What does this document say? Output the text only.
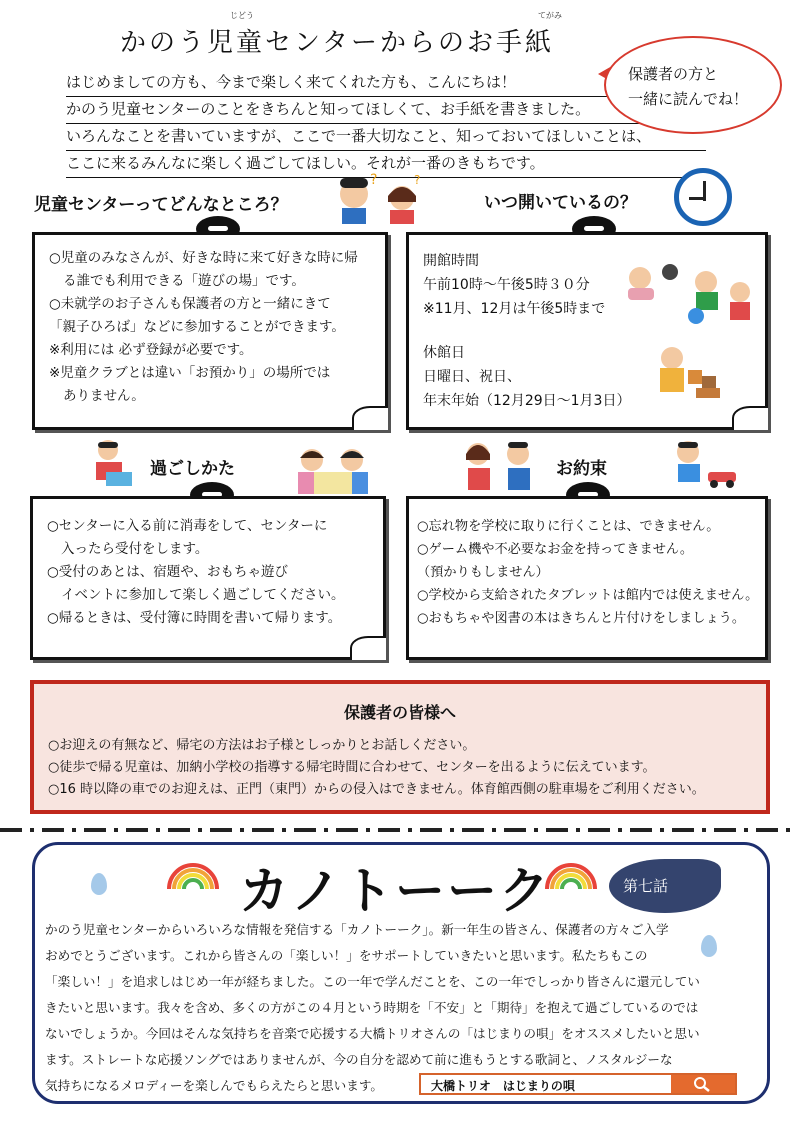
かのう児童センターからのお手紙
じどう	てがみ
はじめましての方も、今まで楽しく来てくれた方も、こんにちは！
かのう児童センターのことをきちんと知ってほしくて、お手紙を書きました。
いろんなことを書いていますが、ここで一番大切なこと、知っておいてほしいことは、
ここに来るみんなに楽しく過ごしてほしい。それが一番のきもちです。
保護者の方と
一緒に読んでね！
児童センターってどんなところ？
?	?
○児童のみなさんが、好きな時に来て好きな時に帰
る誰でも利用できる「遊びの場」です。
○未就学のお子さんも保護者の方と一緒にきて
「親子ひろば」などに参加することができます。
※利用には 必ず登録が必要です。
※児童クラブとは違い「お預かり」の場所では
ありません。
いつ開いているの？
開館時間
午前10時～午後5時３０分
※11月、12月は午後5時まで
休館日
日曜日、祝日、
年末年始（12月29日～1月3日）
過ごしかた
○センターに入る前に消毒をして、センターに
入ったら受付をします。
○受付のあとは、宿題や、おもちゃ遊び
イベントに参加して楽しく過ごしてください。
○帰るときは、受付簿に時間を書いて帰ります。
お約束
○忘れ物を学校に取りに行くことは、できません。
○ゲーム機や不必要なお金を持ってきません。
（預かりもしません）
○学校から支給されたタブレットは館内では使えません。
○おもちゃや図書の本はきちんと片付けをしましょう。
保護者の皆様へ
○お迎えの有無など、帰宅の方法はお子様としっかりとお話しください。
○徒歩で帰る児童は、加納小学校の指導する帰宅時間に合わせて、センターを出るように伝えています。
○16 時以降の車でのお迎えは、正門（東門）からの侵入はできません。体育館西側の駐車場をご利用ください。
カノトーーク	第七話
かのう児童センターからいろいろな情報を発信する「カノトーーク」。新一年生の皆さん、保護者の方々ご入学
おめでとうございます。これから皆さんの「楽しい！」をサポートしていきたいと思います。私たちもこの
「楽しい！」を追求しはじめ一年が経ちました。この一年で学んだことを、この一年でしっかり皆さんに還元してい
きたいと思います。我々を含め、多くの方がこの４月という時期を「不安」と「期待」を抱えて過ごしているのでは
ないでしょうか。今回はそんな気持ちを音楽で応援する大橋トリオさんの「はじまりの唄」をオススメしたいと思い
ます。ストレートな応援ソングではありませんが、今の自分を認めて前に進もうとする歌詞と、ノスタルジーな
気持ちになるメロディーを楽しんでもらえたらと思います。	大橋トリオ　はじまりの唄
